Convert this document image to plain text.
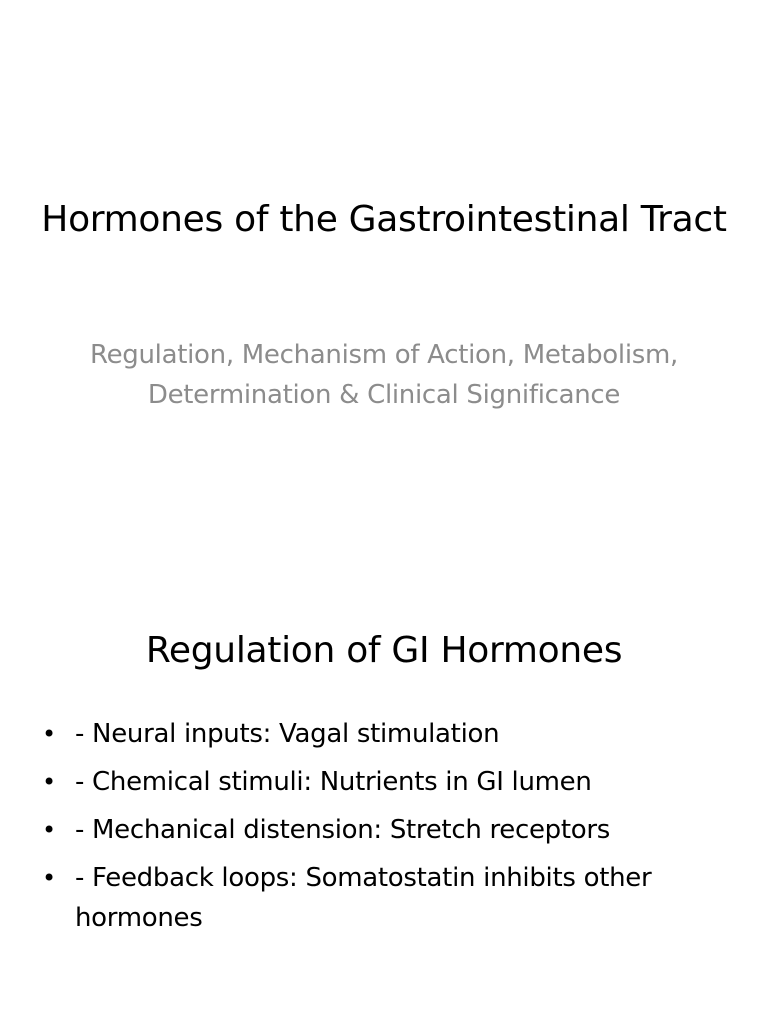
Hormones of the Gastrointestinal Tract

Regulation, Mechanism of Action, Metabolism, Determination & Clinical Significance

Regulation of GI Hormones
• - Neural inputs: Vagal stimulation
• - Chemical stimuli: Nutrients in GI lumen
• - Mechanical distension: Stretch receptors
• - Feedback loops: Somatostatin inhibits other hormones
